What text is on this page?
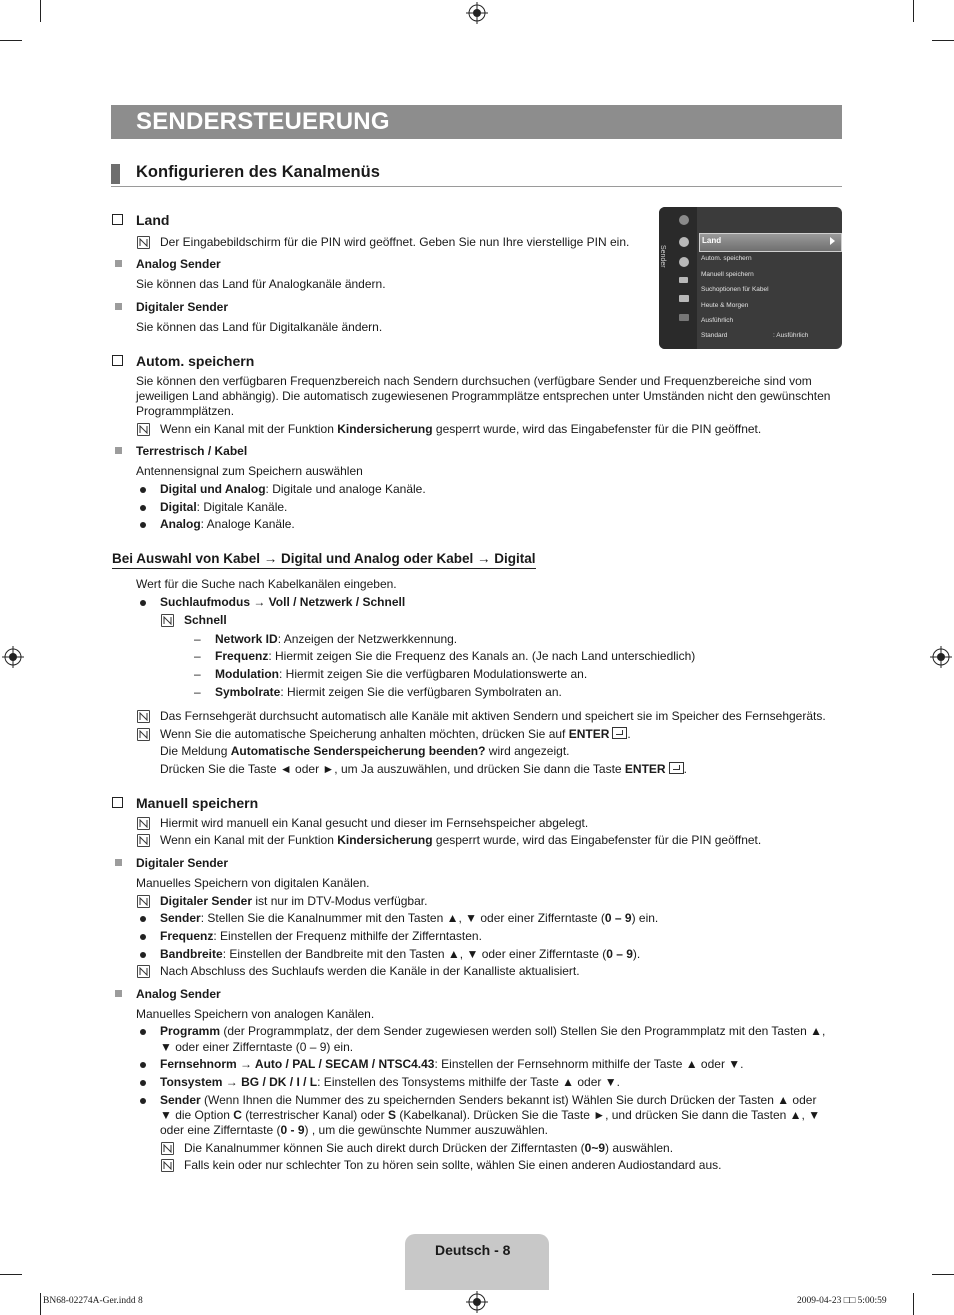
SENDERSTEUERUNG
Konfigurieren des Kanalmenüs
Land
Der Eingabebildschirm für die PIN wird geöffnet. Geben Sie nun Ihre vierstellige PIN ein.
Analog Sender
Sie können das Land für Analogkanäle ändern.
Digitaler Sender
Sie können das Land für Digitalkanäle ändern.
Sender
Land
Autom. speichern
Manuell speichern
Suchoptionen für Kabel
Heute & Morgen
Ausführlich
Standard	: Ausführlich
Autom. speichern
Sie können den verfügbaren Frequenzbereich nach Sendern durchsuchen (verfügbare Sender und Frequenzbereiche sind vom jeweiligen Land abhängig). Die automatisch zugewiesenen Programmplätze entsprechen unter Umständen nicht den gewünschten Programmplätzen.
Wenn ein Kanal mit der Funktion Kindersicherung gesperrt wurde, wird das Eingabefenster für die PIN geöffnet.
Terrestrisch / Kabel
Antennensignal zum Speichern auswählen
Digital und Analog: Digitale und analoge Kanäle.
Digital: Digitale Kanäle.
Analog: Analoge Kanäle.
Bei Auswahl von Kabel → Digital und Analog oder Kabel → Digital
Wert für die Suche nach Kabelkanälen eingeben.
Suchlaufmodus → Voll / Netzwerk / Schnell
Schnell
– Network ID: Anzeigen der Netzwerkkennung.
– Frequenz: Hiermit zeigen Sie die Frequenz des Kanals an. (Je nach Land unterschiedlich)
– Modulation: Hiermit zeigen Sie die verfügbaren Modulationswerte an.
– Symbolrate: Hiermit zeigen Sie die verfügbaren Symbolraten an.
Das Fernsehgerät durchsucht automatisch alle Kanäle mit aktiven Sendern und speichert sie im Speicher des Fernsehgeräts.
Wenn Sie die automatische Speicherung anhalten möchten, drücken Sie auf ENTER .
Die Meldung Automatische Senderspeicherung beenden? wird angezeigt.
Drücken Sie die Taste ◄ oder ►, um Ja auszuwählen, und drücken Sie dann die Taste ENTER .
Manuell speichern
Hiermit wird manuell ein Kanal gesucht und dieser im Fernsehspeicher abgelegt.
Wenn ein Kanal mit der Funktion Kindersicherung gesperrt wurde, wird das Eingabefenster für die PIN geöffnet.
Digitaler Sender
Manuelles Speichern von digitalen Kanälen.
Digitaler Sender ist nur im DTV-Modus verfügbar.
Sender: Stellen Sie die Kanalnummer mit den Tasten ▲, ▼ oder einer Zifferntaste (0 – 9) ein.
Frequenz: Einstellen der Frequenz mithilfe der Zifferntasten.
Bandbreite: Einstellen der Bandbreite mit den Tasten ▲, ▼ oder einer Zifferntaste (0 – 9).
Nach Abschluss des Suchlaufs werden die Kanäle in der Kanalliste aktualisiert.
Analog Sender
Manuelles Speichern von analogen Kanälen.
Programm (der Programmplatz, der dem Sender zugewiesen werden soll) Stellen Sie den Programmplatz mit den Tasten ▲,
▼ oder einer Zifferntaste (0 – 9) ein.
Fernsehnorm → Auto / PAL / SECAM / NTSC4.43: Einstellen der Fernsehnorm mithilfe der Taste ▲ oder ▼.
Tonsystem → BG / DK / I / L: Einstellen des Tonsystems mithilfe der Taste ▲ oder ▼.
Sender (Wenn Ihnen die Nummer des zu speichernden Senders bekannt ist) Wählen Sie durch Drücken der Tasten ▲ oder
▼ die Option C (terrestrischer Kanal) oder S (Kabelkanal). Drücken Sie die Taste ►, und drücken Sie dann die Tasten ▲, ▼
oder eine Zifferntaste (0 - 9) , um die gewünschte Nummer auszuwählen.
Die Kanalnummer können Sie auch direkt durch Drücken der Zifferntasten (0~9) auswählen.
Falls kein oder nur schlechter Ton zu hören sein sollte, wählen Sie einen anderen Audiostandard aus.
Deutsch - 8
BN68-02274A-Ger.indd 8	2009-04-23 □□ 5:00:59
